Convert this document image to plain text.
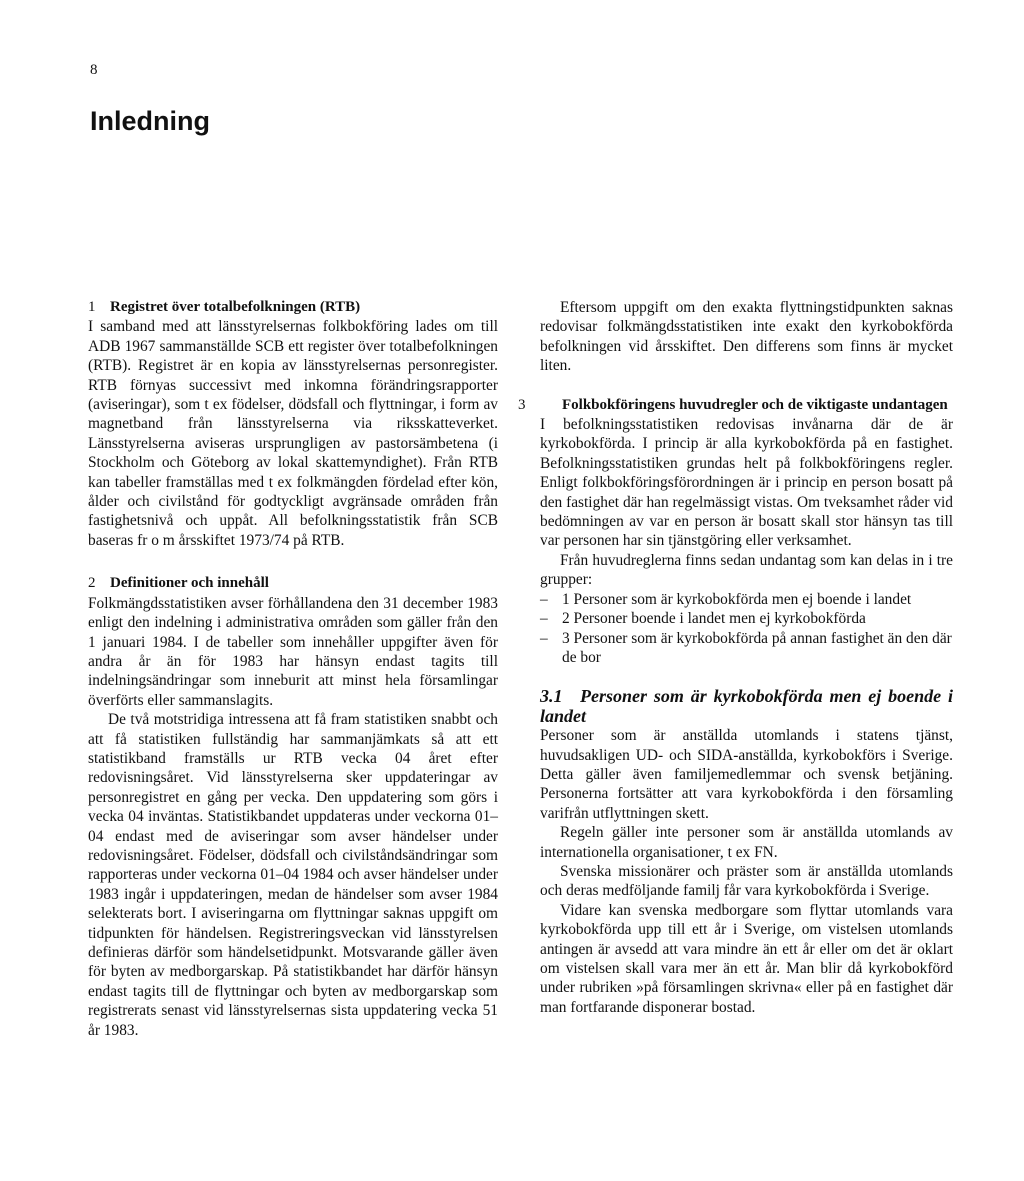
8
Inledning
1 Registret över totalbefolkningen (RTB)

I samband med att länsstyrelsernas folkbokföring lades om till ADB 1967 sammanställde SCB ett register över totalbefolkningen (RTB). Registret är en kopia av länsstyrelsernas personregister. RTB förnyas successivt med inkomna förändringsrapporter (aviseringar), som t ex födelser, dödsfall och flyttningar, i form av magnetband från länsstyrelserna via riksskatteverket. Länsstyrelserna aviseras ursprungligen av pastorsämbetena (i Stockholm och Göteborg av lokal skattemyndighet). Från RTB kan tabeller framställas med t ex folkmängden fördelad efter kön, ålder och civilstånd för godtyckligt avgränsade områden från fastighetsnivå och uppåt. All befolkningsstatistik från SCB baseras fr o m årsskiftet 1973/74 på RTB.

2 Definitioner och innehåll

Folkmängdsstatistiken avser förhållandena den 31 december 1983 enligt den indelning i administrativa områden som gäller från den 1 januari 1984. I de tabeller som innehåller uppgifter även för andra år än för 1983 har hänsyn endast tagits till indelningsändringar som inneburit att minst hela församlingar överförts eller sammanslagits.

De två motstridiga intressena att få fram statistiken snabbt och att få statistiken fullständig har sammanjämkats så att ett statistikband framställs ur RTB vecka 04 året efter redovisningsåret. Vid länsstyrelserna sker uppdateringar av personregistret en gång per vecka. Den uppdatering som görs i vecka 04 inväntas. Statistikbandet uppdateras under veckorna 01–04 endast med de aviseringar som avser händelser under redovisningsåret. Födelser, dödsfall och civilståndsändringar som rapporteras under veckorna 01–04 1984 och avser händelser under 1983 ingår i uppdateringen, medan de händelser som avser 1984 selekterats bort. I aviseringarna om flyttningar saknas uppgift om tidpunkten för händelsen. Registreringsveckan vid länsstyrelsen definieras därför som händelsetidpunkt. Motsvarande gäller även för byten av medborgarskap. På statistikbandet har därför hänsyn endast tagits till de flyttningar och byten av medborgarskap som registrerats senast vid länsstyrelsernas sista uppdatering vecka 51 år 1983.

Eftersom uppgift om den exakta flyttningstidpunkten saknas redovisar folkmängdsstatistiken inte exakt den kyrkobokförda befolkningen vid årsskiftet. Den differens som finns är mycket liten.

3 Folkbokföringens huvudregler och de viktigaste undantagen

I befolkningsstatistiken redovisas invånarna där de är kyrkobokförda. I princip är alla kyrkobokförda på en fastighet. Befolkningsstatistiken grundas helt på folkbokföringens regler. Enligt folkbokföringsförordningen är i princip en person bosatt på den fastighet där han regelmässigt vistas. Om tveksamhet råder vid bedömningen av var en person är bosatt skall stor hänsyn tas till var personen har sin tjänstgöring eller verksamhet.

Från huvudreglerna finns sedan undantag som kan delas in i tre grupper:

– 1 Personer som är kyrkobokförda men ej boende i landet
– 2 Personer boende i landet men ej kyrkobokförda
– 3 Personer som är kyrkobokförda på annan fastighet än den där de bor
3.1 Personer som är kyrkobokförda men ej boende i landet

Personer som är anställda utomlands i statens tjänst, huvudsakligen UD- och SIDA-anställda, kyrkobokförs i Sverige. Detta gäller även familjemedlemmar och svensk betjäning. Personerna fortsätter att vara kyrkobokförda i den församling varifrån utflyttningen skett.

Regeln gäller inte personer som är anställda utomlands av internationella organisationer, t ex FN.

Svenska missionärer och präster som är anställda utomlands och deras medföljande familj får vara kyrkobokförda i Sverige.

Vidare kan svenska medborgare som flyttar utomlands vara kyrkobokförda upp till ett år i Sverige, om vistelsen utomlands antingen är avsedd att vara mindre än ett år eller om det är oklart om vistelsen skall vara mer än ett år. Man blir då kyrkobokförd under rubriken »på församlingen skrivna« eller på en fastighet där man fortfarande disponerar bostad.
